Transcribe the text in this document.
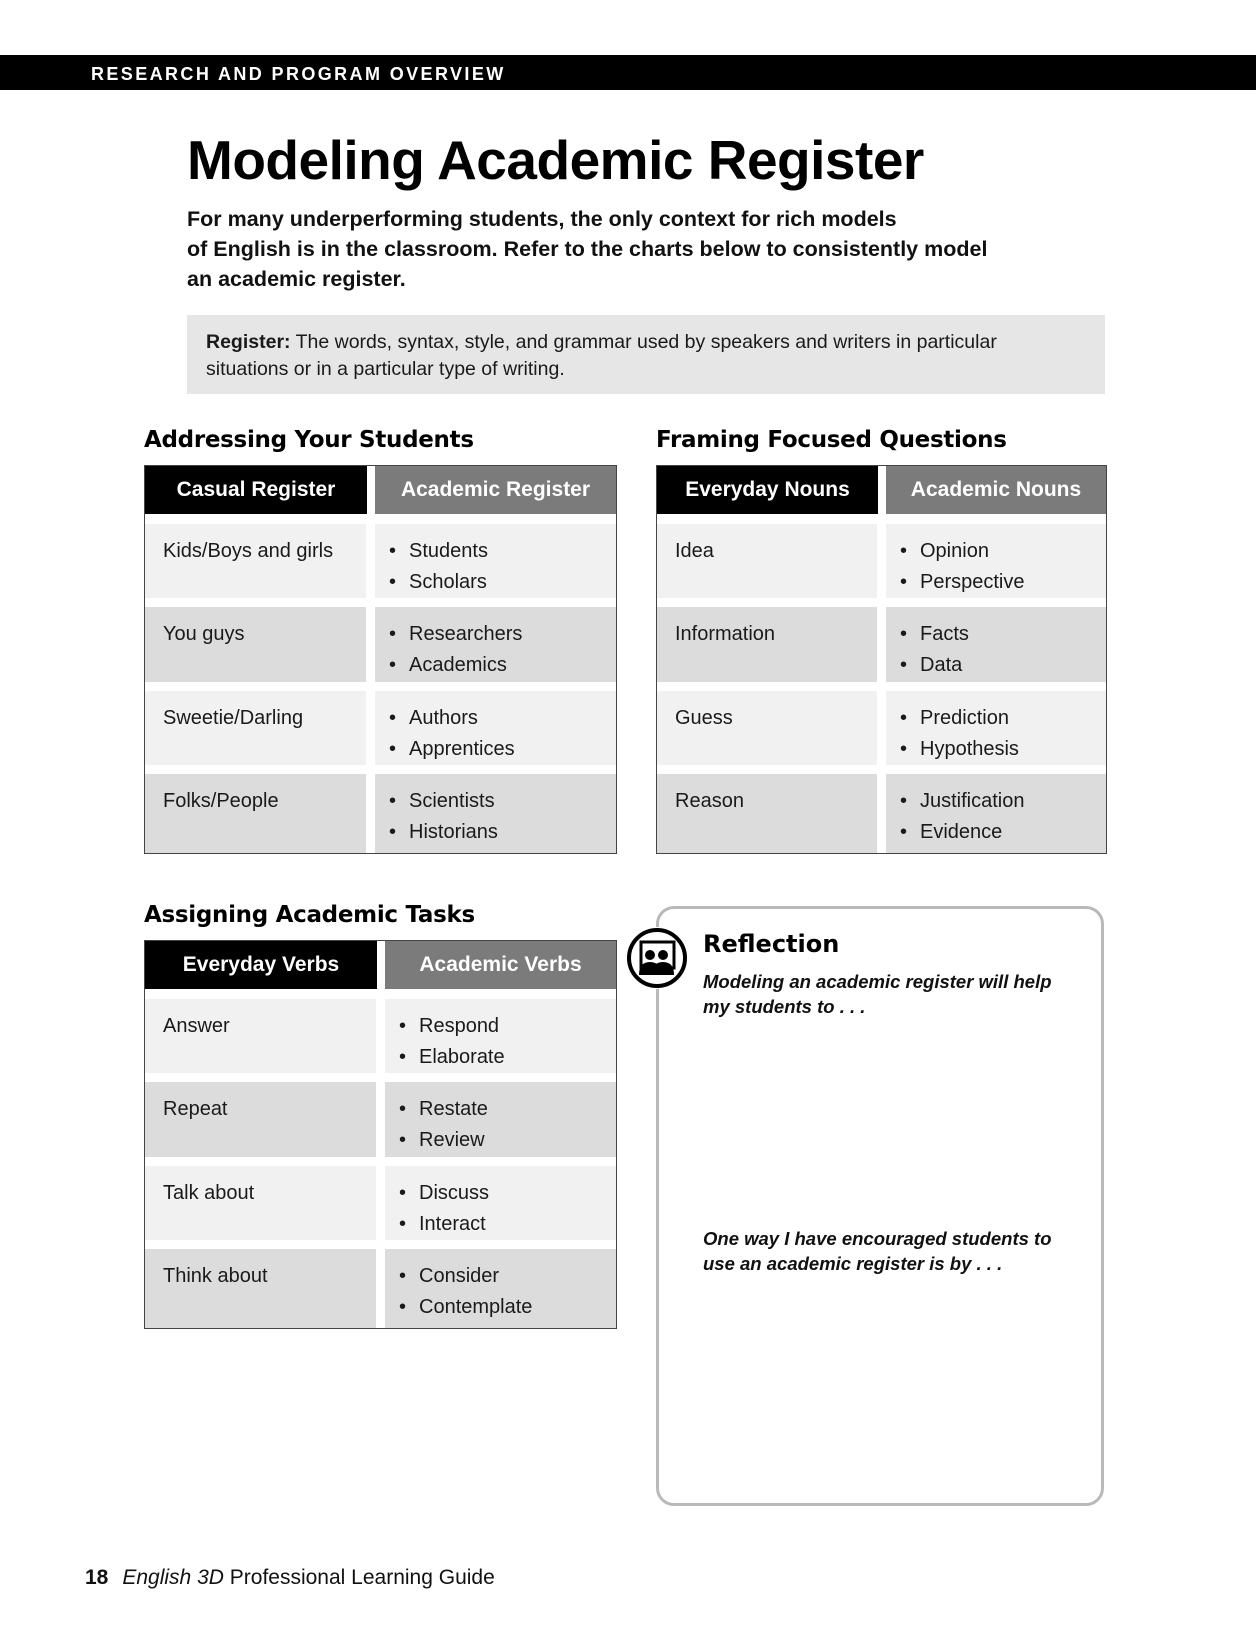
RESEARCH AND PROGRAM OVERVIEW
Modeling Academic Register

For many underperforming students, the only context for rich models
of English is in the classroom. Refer to the charts below to consistently model
an academic register.

Register: The words, syntax, style, and grammar used by speakers and writers in particular
situations or in a particular type of writing.
Addressing Your Students
Casual Register	Academic Register
Kids/Boys and girls	• Students
• Scholars
You guys	• Researchers
• Academics
Sweetie/Darling	• Authors
• Apprentices
Folks/People	• Scientists
• Historians
Framing Focused Questions
Everyday Nouns	Academic Nouns
Idea	• Opinion
• Perspective
Information	• Facts
• Data
Guess	• Prediction
• Hypothesis
Reason	• Justification
• Evidence
Assigning Academic Tasks
Everyday Verbs	Academic Verbs
Answer	• Respond
• Elaborate
Repeat	• Restate
• Review
Talk about	• Discuss
• Interact
Think about	• Consider
• Contemplate
Reflection

Modeling an academic register will help
my students to . . .

One way I have encouraged students to
use an academic register is by . . .

18 English 3D Professional Learning Guide
